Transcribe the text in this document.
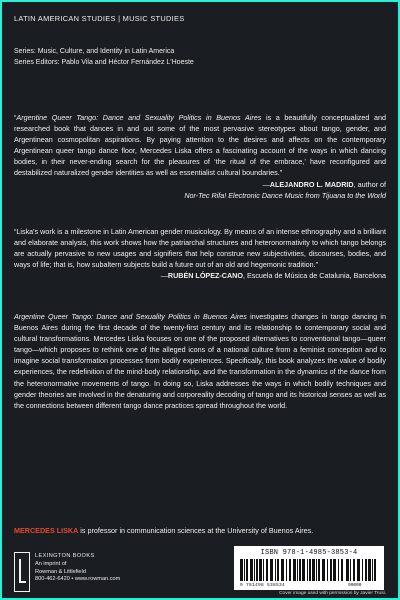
LATIN AMERICAN STUDIES | MUSIC STUDIES
Series: Music, Culture, and Identity in Latin America
Series Editors: Pablo Vila and Héctor Fernández L'Hoeste
“Argentine Queer Tango: Dance and Sexuality Politics in Buenos Aires is a beautifully conceptualized and researched book that dances in and out some of the most pervasive stereotypes about tango, gender, and Argentinean cosmopolitan aspirations. By paying attention to the desires and affects on the contemporary Argentinean queer tango dance floor, Mercedes Liska offers a fascinating account of the ways in which dancing bodies, in their never-ending search for the pleasures of ‘the ritual of the embrace,’ have reconfigured and destabilized naturalized gender identities as well as essentialist cultural boundaries.”
—ALEJANDRO L. MADRID, author of
Nor-Tec Rifa! Electronic Dance Music from Tijuana to the World
“Liska's work is a milestone in Latin American gender musicology. By means of an intense ethnography and a brilliant and elaborate analysis, this work shows how the patriarchal structures and heteronormativity to which tango belongs are actually pervasive to new usages and signifiers that help construe new subjectivities, discourses, bodies, and ways of life; that is, how subaltern subjects build a future out of an old and hegemonic tradition.”
—RUBÉN LÓPEZ-CANO, Escuela de Música de Catalunia, Barcelona
Argentine Queer Tango: Dance and Sexuality Politics in Buenos Aires investigates changes in tango dancing in Buenos Aires during the first decade of the twenty-first century and its relationship to contemporary social and cultural transformations. Mercedes Liska focuses on one of the proposed alternatives to conventional tango—queer tango—which proposes to rethink one of the alleged icons of a national culture from a feminist conception and to imagine social transformation processes from bodily experiences. Specifically, this book analyzes the value of bodily experiences, the redefinition of the mind-body relationship, and the transformation in the dynamics of the dance from the heteronormative movements of tango. In doing so, Liska addresses the ways in which bodily techniques and gender theories are involved in the denaturing and corporeality decoding of tango and its historical senses as well as the connections between different tango dance practices spread throughout the world.
MERCEDES LISKA is professor in communication sciences at the University of Buenos Aires.
LEXINGTON BOOKS
An imprint of
Rowman & Littlefield
800-462-6420 • www.rowman.com
ISBN 978-1-4985-3853-4
9 781498 538534	90000
Cover image used with permission by Javier Trusi.
